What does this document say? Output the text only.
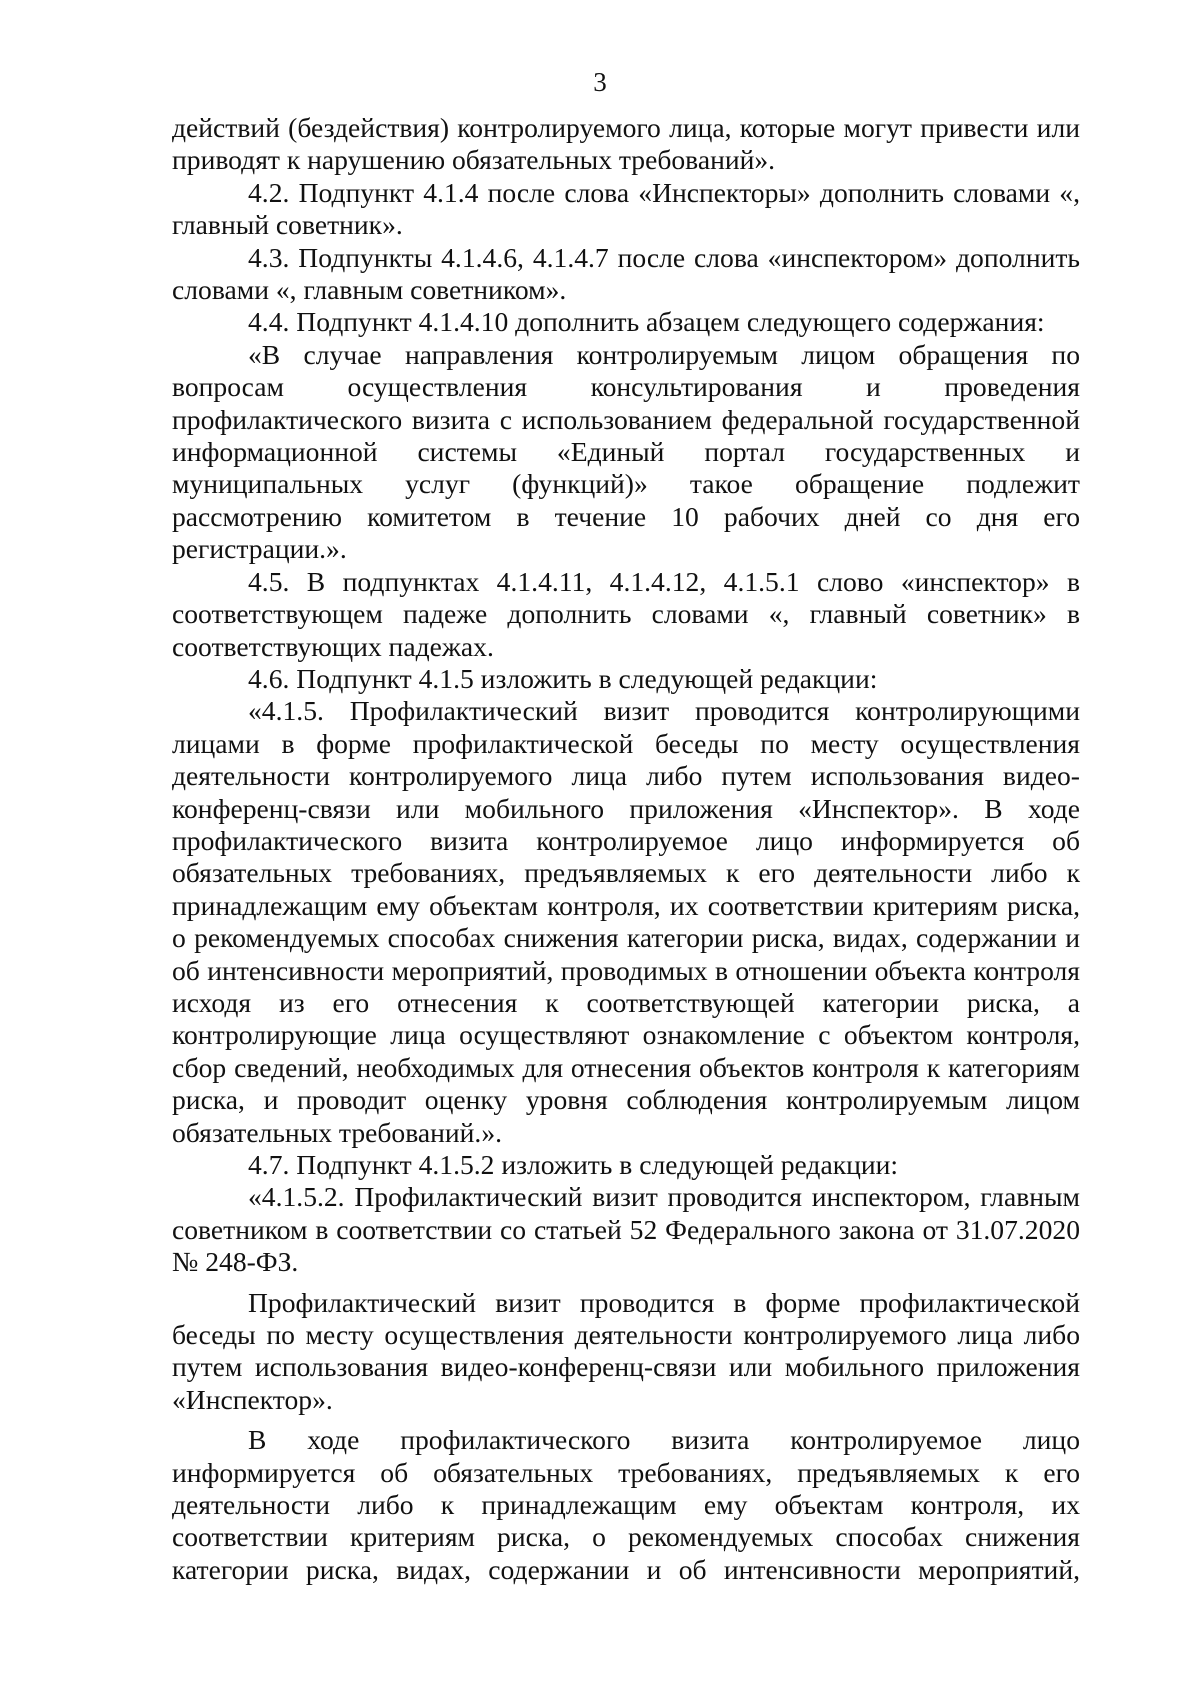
3

действий (бездействия) контролируемого лица, которые могут привести или приводят к нарушению обязательных требований».

4.2. Подпункт 4.1.4 после слова «Инспекторы» дополнить словами «, главный советник».

4.3. Подпункты 4.1.4.6, 4.1.4.7 после слова «инспектором» дополнить словами «, главным советником».

4.4. Подпункт 4.1.4.10 дополнить абзацем следующего содержания:

«В случае направления контролируемым лицом обращения по вопросам осуществления консультирования и проведения профилактического визита с использованием федеральной государственной информационной системы «Единый портал государственных и муниципальных услуг (функций)» такое обращение подлежит рассмотрению комитетом в течение 10 рабочих дней со дня его регистрации.».

4.5. В подпунктах 4.1.4.11, 4.1.4.12, 4.1.5.1 слово «инспектор» в соответствующем падеже дополнить словами «, главный советник» в соответствующих падежах.

4.6. Подпункт 4.1.5 изложить в следующей редакции:

«4.1.5. Профилактический визит проводится контролирующими лицами в форме профилактической беседы по месту осуществления деятельности контролируемого лица либо путем использования видео-конференц-связи или мобильного приложения «Инспектор». В ходе профилактического визита контролируемое лицо информируется об обязательных требованиях, предъявляемых к его деятельности либо к принадлежащим ему объектам контроля, их соответствии критериям риска, о рекомендуемых способах снижения категории риска, видах, содержании и об интенсивности мероприятий, проводимых в отношении объекта контроля исходя из его отнесения к соответствующей категории риска, а контролирующие лица осуществляют ознакомление с объектом контроля, сбор сведений, необходимых для отнесения объектов контроля к категориям риска, и проводит оценку уровня соблюдения контролируемым лицом обязательных требований.».

4.7. Подпункт 4.1.5.2 изложить в следующей редакции:

«4.1.5.2. Профилактический визит проводится инспектором, главным советником в соответствии со статьей 52 Федерального закона от 31.07.2020 № 248-ФЗ.

Профилактический визит проводится в форме профилактической беседы по месту осуществления деятельности контролируемого лица либо путем использования видео-конференц-связи или мобильного приложения «Инспектор».

В ходе профилактического визита контролируемое лицо информируется об обязательных требованиях, предъявляемых к его деятельности либо к принадлежащим ему объектам контроля, их соответствии критериям риска, о рекомендуемых способах снижения категории риска, видах, содержании и об интенсивности мероприятий,
